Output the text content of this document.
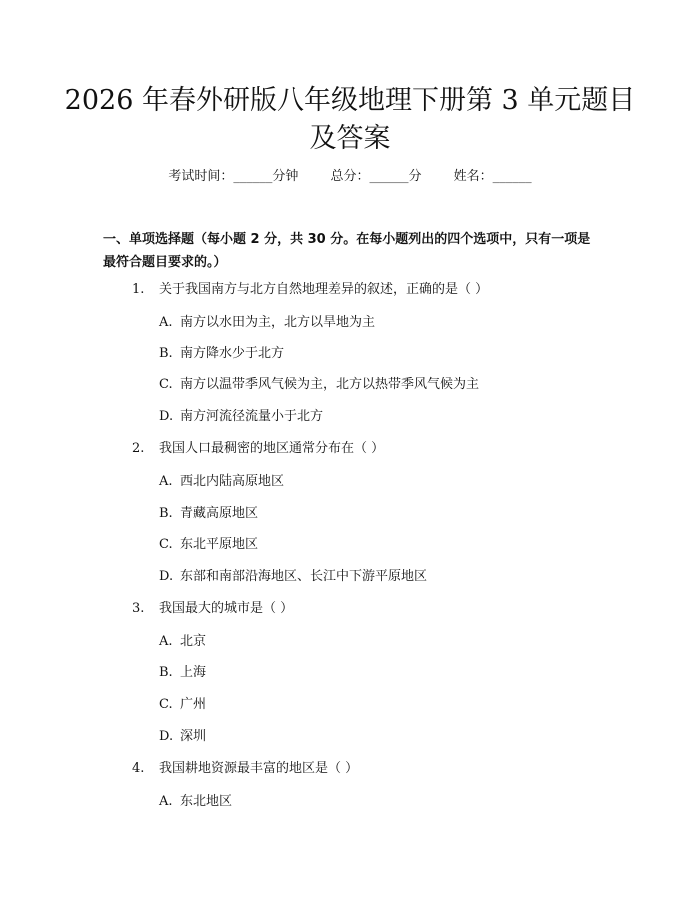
2026 年春外研版八年级地理下册第 3 单元题目及答案
考试时间：______分钟 总分：______分 姓名：______
一、单项选择题（每小题 2 分，共 30 分。在每小题列出的四个选项中，只有一项是最符合题目要求的。）
1. 关于我国南方与北方自然地理差异的叙述，正确的是（ ）
A. 南方以水田为主，北方以旱地为主
B. 南方降水少于北方
C. 南方以温带季风气候为主，北方以热带季风气候为主
D. 南方河流径流量小于北方
2. 我国人口最稠密的地区通常分布在（ ）
A. 西北内陆高原地区
B. 青藏高原地区
C. 东北平原地区
D. 东部和南部沿海地区、长江中下游平原地区
3. 我国最大的城市是（ ）
A. 北京
B. 上海
C. 广州
D. 深圳
4. 我国耕地资源最丰富的地区是（ ）
A. 东北地区
